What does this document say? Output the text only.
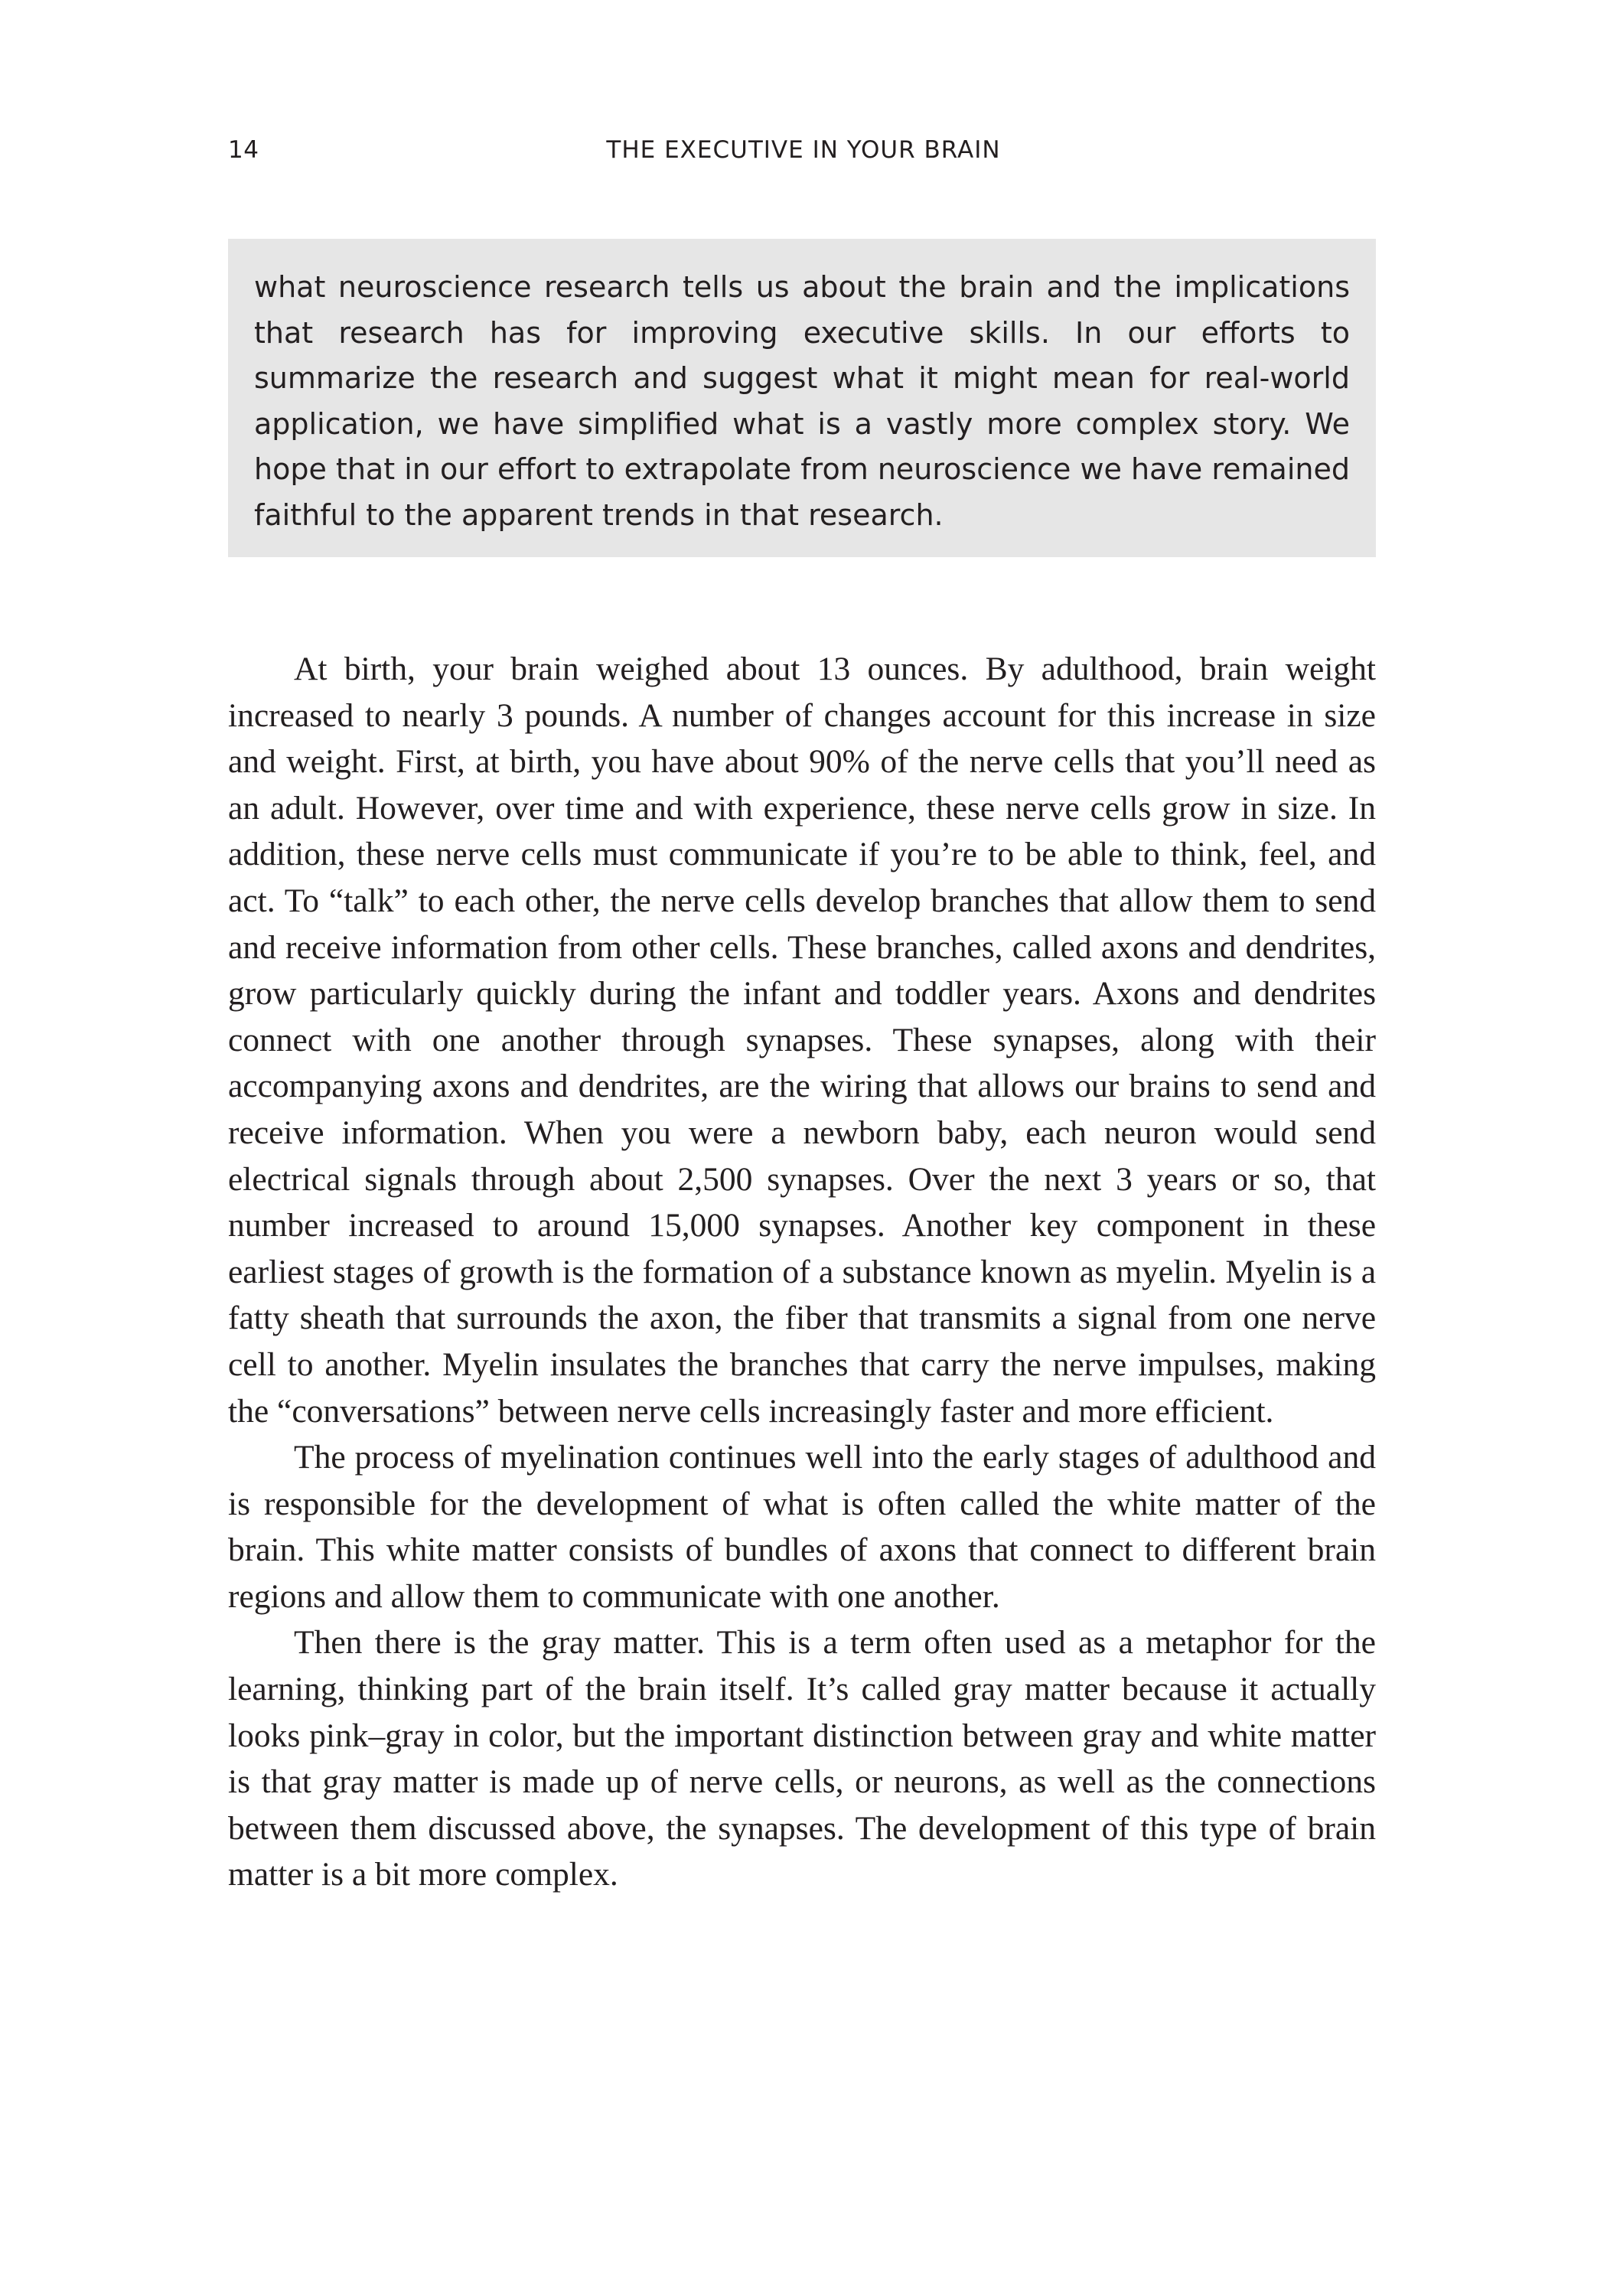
14	THE EXECUTIVE IN YOUR BRAIN

what neuroscience research tells us about the brain and the implications that research has for improving executive skills. In our efforts to summarize the research and suggest what it might mean for real-world application, we have simplified what is a vastly more complex story. We hope that in our effort to extrapolate from neuroscience we have remained faithful to the apparent trends in that research.

At birth, your brain weighed about 13 ounces. By adulthood, brain weight increased to nearly 3 pounds. A number of changes account for this increase in size and weight. First, at birth, you have about 90% of the nerve cells that you’ll need as an adult. However, over time and with experience, these nerve cells grow in size. In addition, these nerve cells must communicate if you’re to be able to think, feel, and act. To “talk” to each other, the nerve cells develop branches that allow them to send and receive information from other cells. These branches, called axons and dendrites, grow particularly quickly during the infant and toddler years. Axons and dendrites connect with one another through synapses. These synapses, along with their accompanying axons and dendrites, are the wiring that allows our brains to send and receive information. When you were a newborn baby, each neuron would send electrical signals through about 2,500 synapses. Over the next 3 years or so, that number increased to around 15,000 synapses. Another key component in these earliest stages of growth is the formation of a substance known as myelin. Myelin is a fatty sheath that surrounds the axon, the fiber that transmits a signal from one nerve cell to another. Myelin insulates the branches that carry the nerve impulses, making the “conversations” between nerve cells increasingly faster and more efficient.

The process of myelination continues well into the early stages of adulthood and is responsible for the development of what is often called the white matter of the brain. This white matter consists of bundles of axons that connect to different brain regions and allow them to communicate with one another.

Then there is the gray matter. This is a term often used as a metaphor for the learning, thinking part of the brain itself. It’s called gray matter because it actually looks pink–gray in color, but the important distinction between gray and white matter is that gray matter is made up of nerve cells, or neurons, as well as the connections between them discussed above, the synapses. The development of this type of brain matter is a bit more complex.
